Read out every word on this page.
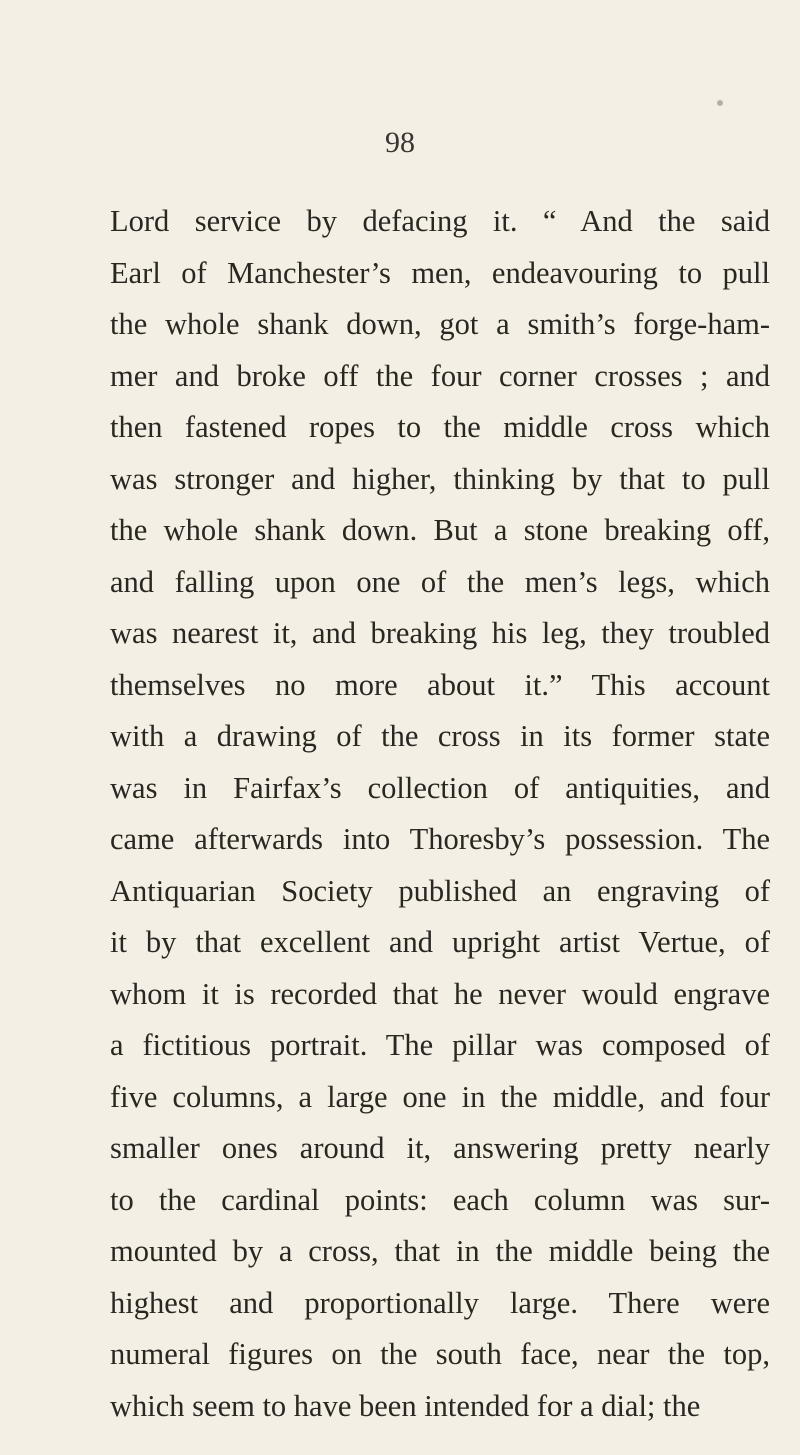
98
Lord service by defacing it. “ And the said
Earl of Manchester’s men, endeavouring to pull
the whole shank down, got a smith’s forge-ham-
mer and broke off the four corner crosses ; and
then fastened ropes to the middle cross which
was stronger and higher, thinking by that to pull
the whole shank down. But a stone breaking off,
and falling upon one of the men’s legs, which
was nearest it, and breaking his leg, they troubled
themselves no more about it.” This account
with a drawing of the cross in its former state
was in Fairfax’s collection of antiquities, and
came afterwards into Thoresby’s possession. The
Antiquarian Society published an engraving of
it by that excellent and upright artist Vertue, of
whom it is recorded that he never would engrave
a fictitious portrait. The pillar was composed of
five columns, a large one in the middle, and four
smaller ones around it, answering pretty nearly
to the cardinal points: each column was sur-
mounted by a cross, that in the middle being the
highest and proportionally large. There were
numeral figures on the south face, near the top,
which seem to have been intended for a dial; the
